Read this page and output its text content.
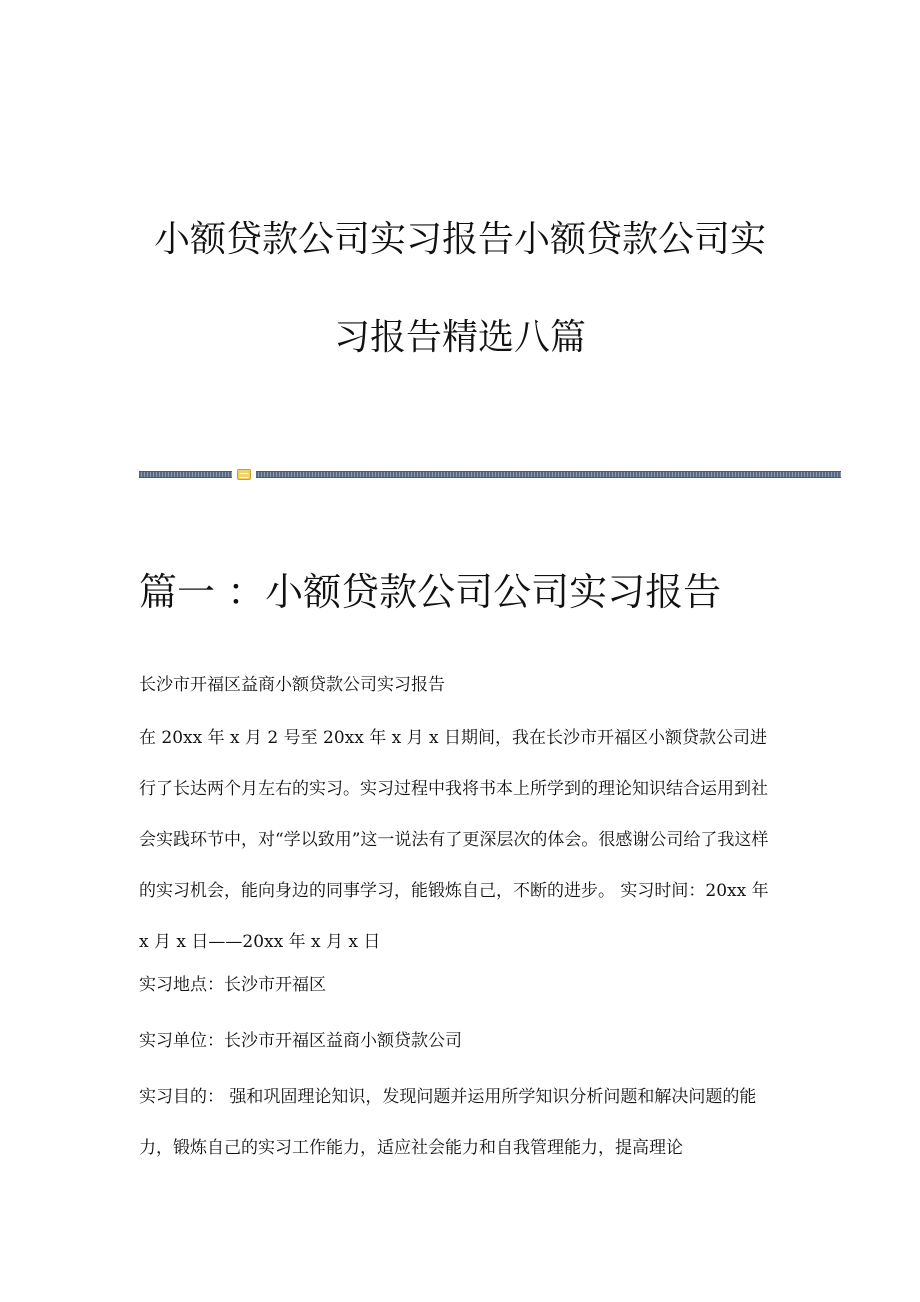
小额贷款公司实习报告小额贷款公司实
习报告精选八篇
篇一 ：小额贷款公司公司实习报告

长沙市开福区益商小额贷款公司实习报告

在 20xx 年 x 月 2 号至 20xx 年 x 月 x 日期间，我在长沙市开福区小额贷款公司进行了长达两个月左右的实习。实习过程中我将书本上所学到的理论知识结合运用到社会实践环节中，对“学以致用”这一说法有了更深层次的体会。很感谢公司给了我这样的实习机会，能向身边的同事学习，能锻炼自己，不断的进步。 实习时间：20xx 年 x 月 x 日——20xx 年 x 月 x 日

实习地点：长沙市开福区

实习单位：长沙市开福区益商小额贷款公司

实习目的： 强和巩固理论知识，发现问题并运用所学知识分析问题和解决问题的能力，锻炼自己的实习工作能力，适应社会能力和自我管理能力，提高理论
